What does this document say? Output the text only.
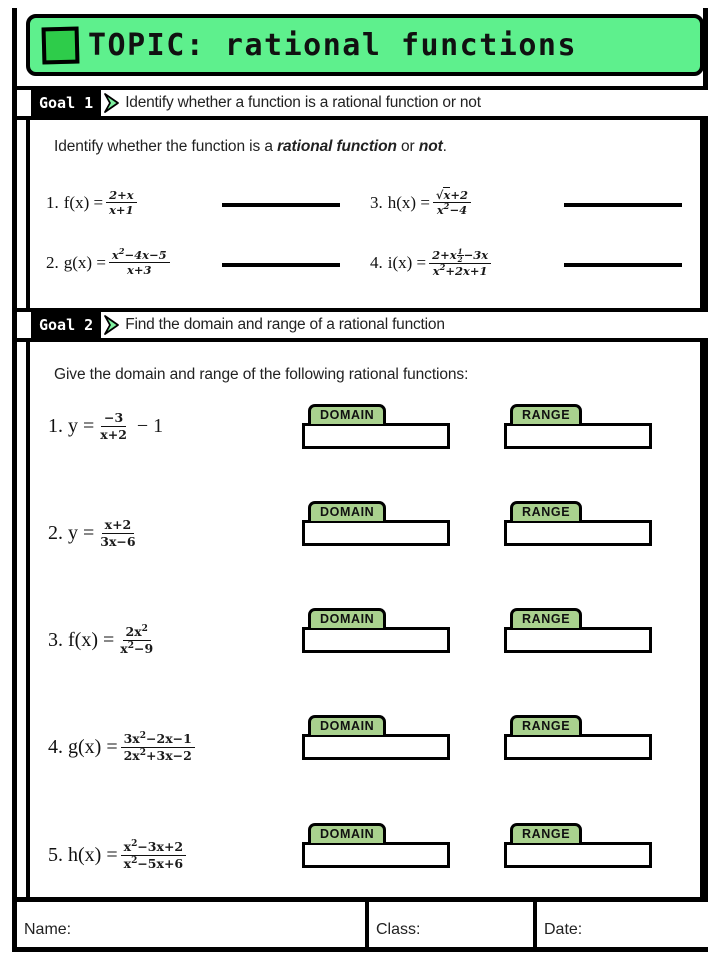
TOPIC: rational functions
Goal 1	Identify whether a function is a rational function or not
Identify whether the function is a rational function or not.
1. $f(x) = \frac{2+x}{x+1}$	3. $h(x) = \frac{√x+2}{x^2-4}$
2. $g(x) = \frac{x^2-4x-5}{x+3}$	4. $i(x) = \frac{2+x \frac{1}{2} -3x}{x^2+2x+1}$
Goal 2	Find the domain and range of a rational function
Give the domain and range of the following rational functions:
1. $y = \frac{-3}{x+2} - 1$	DOMAIN	RANGE
2. $y = \frac{x+2}{3x-6}$
DOMAIN	RANGE
3. $f(x) = \frac{2x^2}{x^2-9}$
DOMAIN	RANGE
4. $g(x) = \frac{3x^2-2x-1}{2x^2+3x-2}$
DOMAIN	RANGE
5. $h(x) = \frac{x^2-3x+2}{x^2-5x+6}$
DOMAIN	RANGE
Name:	Class:	Date:
